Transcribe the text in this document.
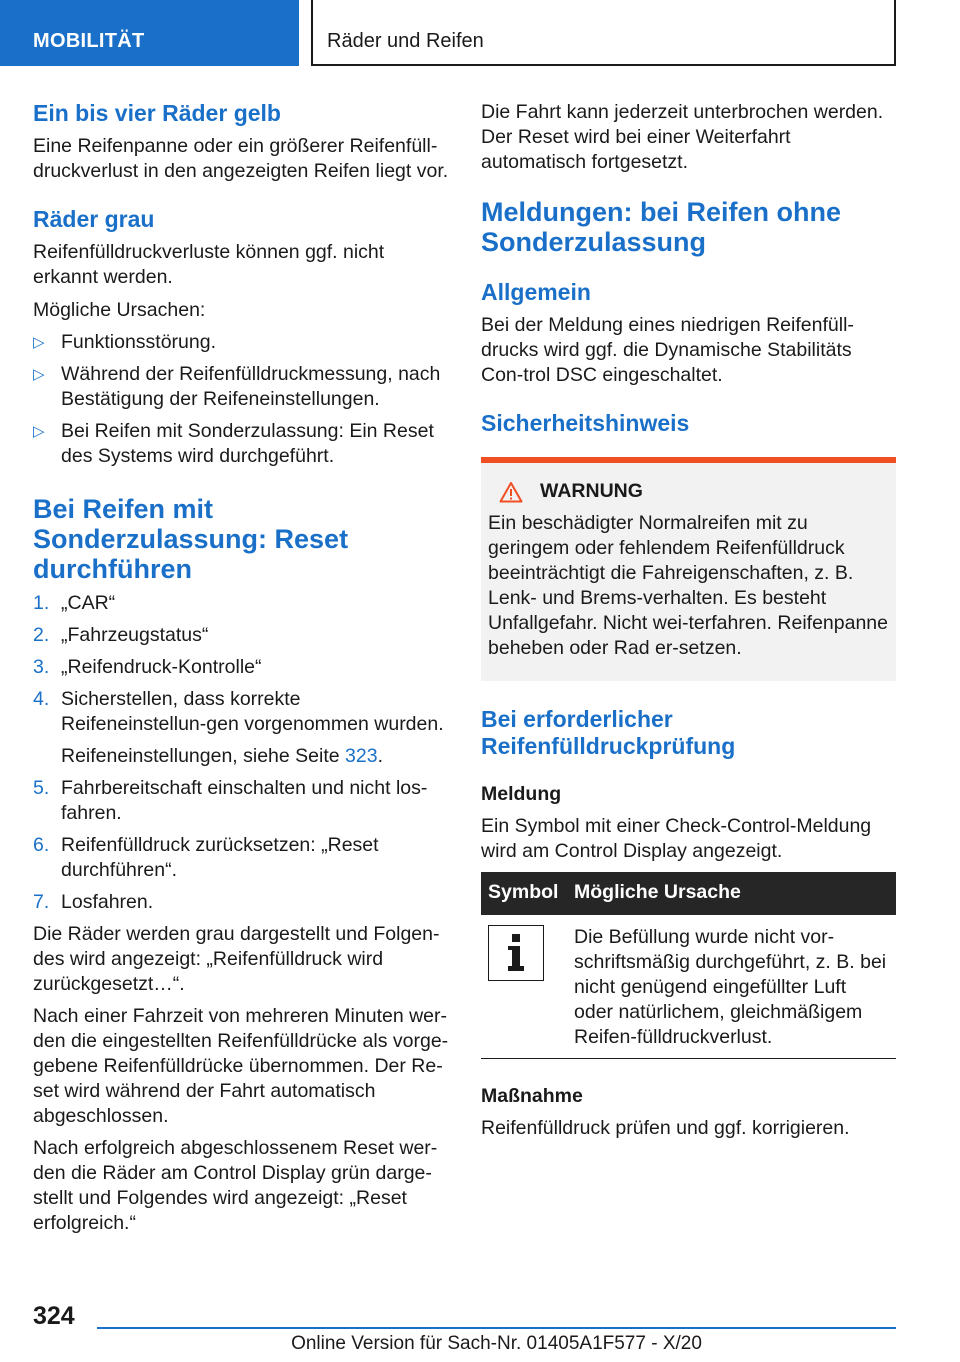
MOBILITÄT	Räder und Reifen
Ein bis vier Räder gelb

Eine Reifenpanne oder ein größerer Reifenfüll-druckverlust in den angezeigten Reifen liegt vor.

Räder grau

Reifenfülldruckverluste können ggf. nicht erkannt werden.

Mögliche Ursachen:

▷ Funktionsstörung.
▷ Während der Reifenfülldruckmessung, nach Bestätigung der Reifeneinstellungen.
▷ Bei Reifen mit Sonderzulassung: Ein Reset des Systems wird durchgeführt.
Bei Reifen mit Sonderzulassung: Reset durchführen
1. „CAR“
2. „Fahrzeugstatus“
3. „Reifendruck-Kontrolle“
4. Sicherstellen, dass korrekte Reifeneinstellun-gen vorgenommen wurden.

Reifeneinstellungen, siehe Seite 323.

5. Fahrbereitschaft einschalten und nicht los-fahren.
6. Reifenfülldruck zurücksetzen: „Reset durchführen“.
7. Losfahren.

Die Räder werden grau dargestellt und Folgen-des wird angezeigt: „Reifenfülldruck wird zurückgesetzt…“.

Nach einer Fahrzeit von mehreren Minuten wer-den die eingestellten Reifenfülldrücke als vorge-gebene Reifenfülldrücke übernommen. Der Re-set wird während der Fahrt automatisch abgeschlossen.

Nach erfolgreich abgeschlossenem Reset wer-den die Räder am Control Display grün darge-stellt und Folgendes wird angezeigt: „Reset erfolgreich.“

Die Fahrt kann jederzeit unterbrochen werden. Der Reset wird bei einer Weiterfahrt automatisch fortgesetzt.

Meldungen: bei Reifen ohne Sonderzulassung
Allgemein

Bei der Meldung eines niedrigen Reifenfüll-drucks wird ggf. die Dynamische Stabilitäts Con-trol DSC eingeschaltet.

Sicherheitshinweis
WARNUNG

Ein beschädigter Normalreifen mit zu geringem oder fehlendem Reifenfülldruck beeinträchtigt die Fahreigenschaften, z. B. Lenk- und Brems-verhalten. Es besteht Unfallgefahr. Nicht wei-terfahren. Reifenpanne beheben oder Rad er-setzen.

Bei erforderlicher Reifenfülldruckprüfung

Meldung

Ein Symbol mit einer Check-Control-Meldung wird am Control Display angezeigt.

Symbol	Mögliche Ursache

	Die Befüllung wurde nicht vor-schriftsmäßig durchgeführt, z. B. bei nicht genügend eingefüllter Luft oder natürlichem, gleichmäßigem Reifen-fülldruckverlust.

Maßnahme

Reifenfülldruck prüfen und ggf. korrigieren.

324
Online Version für Sach-Nr. 01405A1F577 - X/20
